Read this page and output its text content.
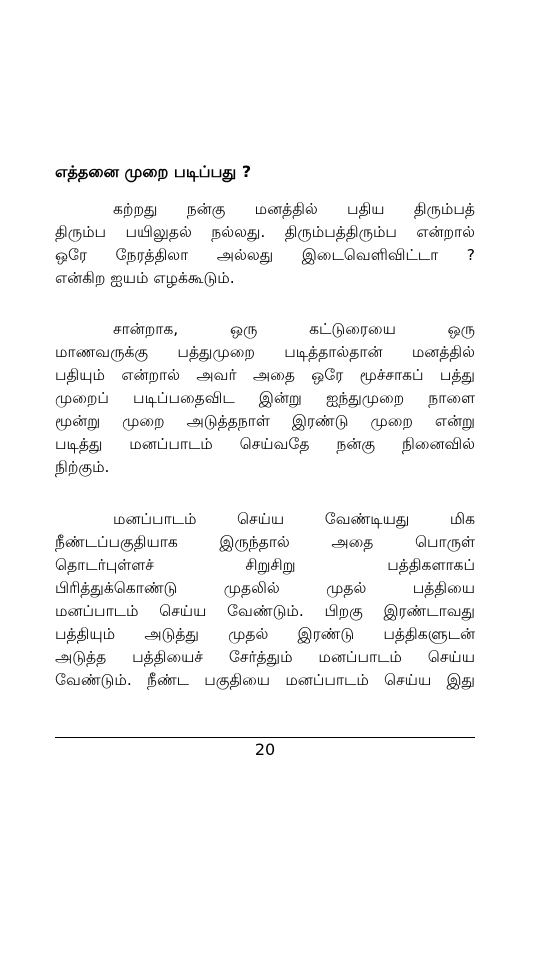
எத்தனை முறை படிப்பது ?

கற்றது நன்கு மனத்தில் பதிய திரும்பத்
திரும்ப பயிலுதல் நல்லது. திரும்பத்திரும்ப என்றால்
ஒரே நேரத்திலா அல்லது இடைவெளிவிட்டா ?
என்கிற ஐயம் எழக்கூடும்.

சான்றாக, ஒரு கட்டுரையை ஒரு
மாணவருக்கு பத்துமுறை படித்தால்தான் மனத்தில்
பதியும் என்றால் அவர் அதை ஒரே மூச்சாகப் பத்து
முறைப் படிப்பதைவிட இன்று ஐந்துமுறை நாளை
மூன்று முறை அடுத்தநாள் இரண்டு முறை என்று
படித்து மனப்பாடம் செய்வதே நன்கு நினைவில்
நிற்கும்.

மனப்பாடம் செய்ய வேண்டியது மிக
நீண்டப்பகுதியாக இருந்தால் அதை பொருள்
தொடர்புள்ளச் சிறுசிறு பத்திகளாகப்
பிரித்துக்கொண்டு முதலில் முதல் பத்தியை
மனப்பாடம் செய்ய வேண்டும். பிறகு இரண்டாவது
பத்தியும் அடுத்து முதல் இரண்டு பத்திகளுடன்
அடுத்த பத்தியைச் சேர்த்தும் மனப்பாடம் செய்ய
வேண்டும். நீண்ட பகுதியை மனப்பாடம் செய்ய இது

20
